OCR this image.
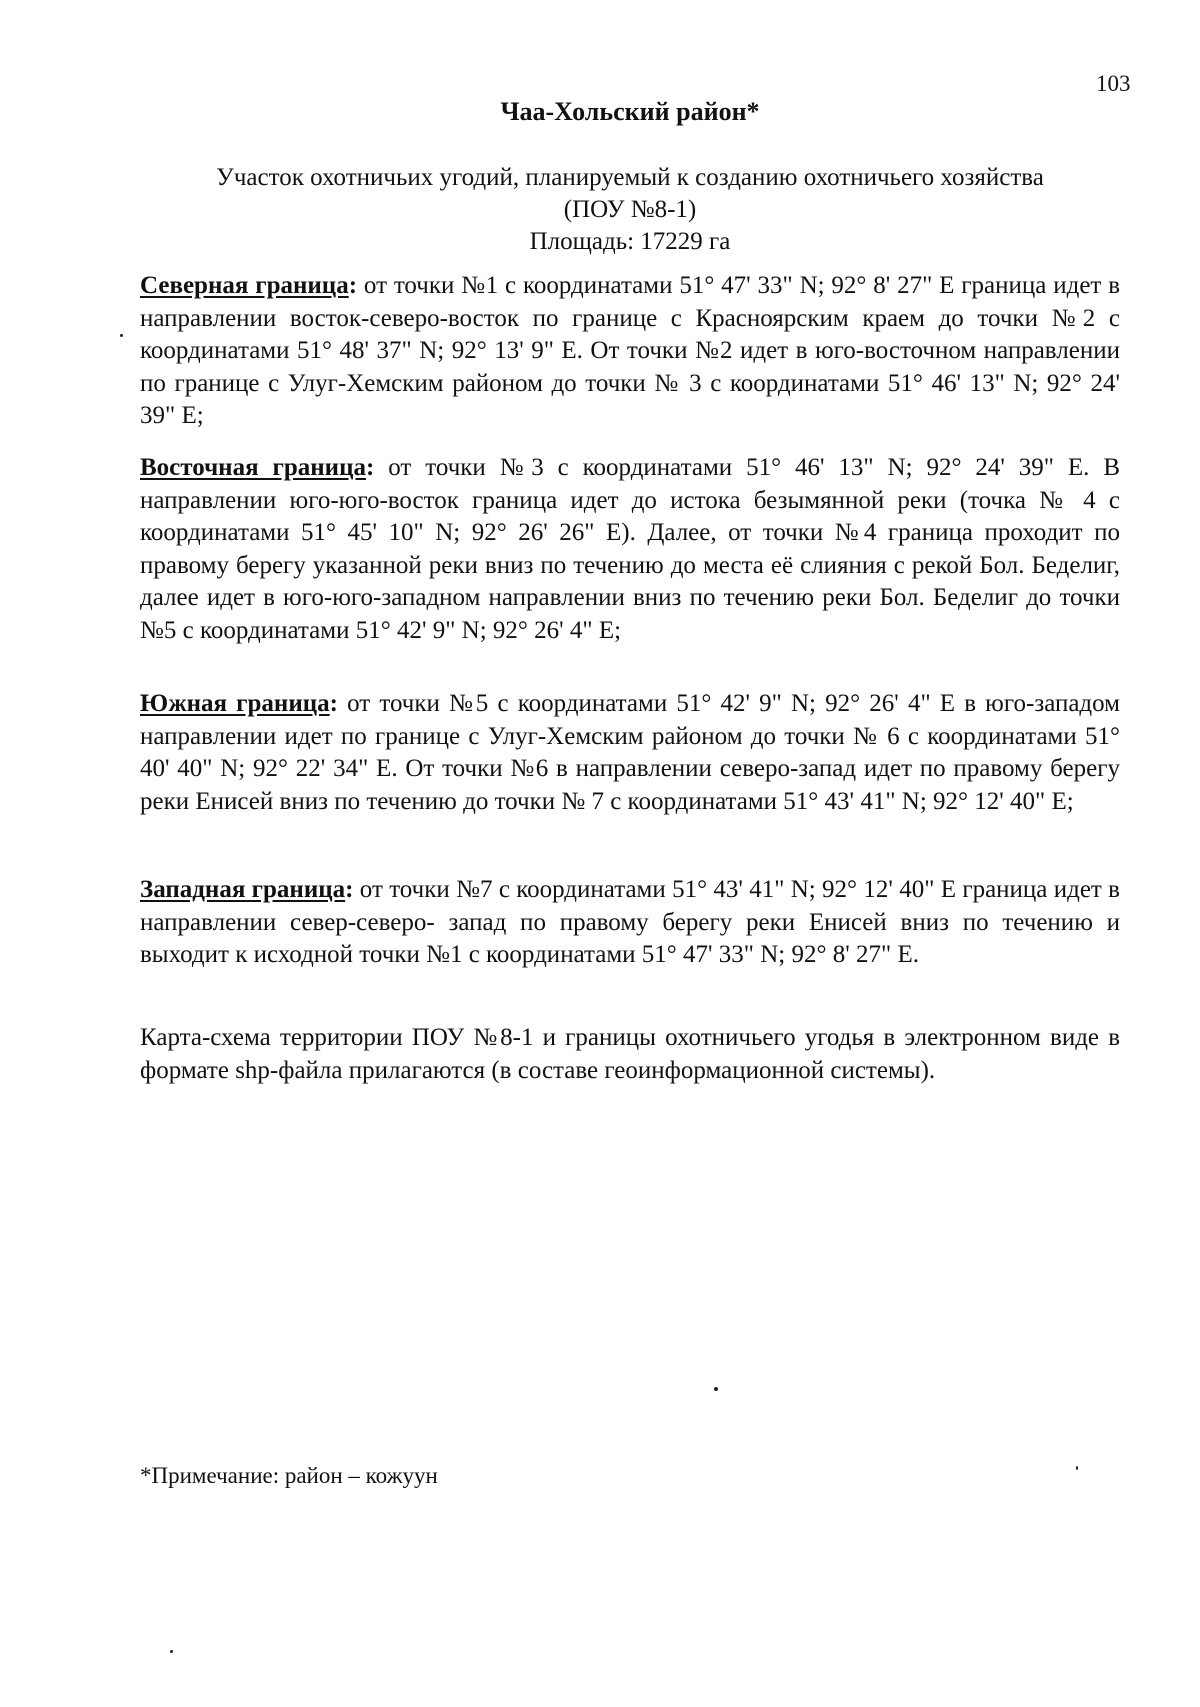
103
Чаа-Хольский район*
Участок охотничьих угодий, планируемый к созданию охотничьего хозяйства
(ПОУ №8-1)
Площадь: 17229 га
Северная граница: от точки №1 с координатами 51° 47' 33" N; 92° 8' 27" E граница идет в направлении восток-северо-восток по границе с Красноярским краем до точки №2 с координатами 51° 48' 37" N; 92° 13' 9" E. От точки №2 идет в юго-восточном направлении по границе с Улуг-Хемским районом до точки № 3 с координатами 51° 46' 13" N; 92° 24' 39" E;
Восточная граница: от точки №3 с координатами 51° 46' 13" N; 92° 24' 39" E. В направлении юго-юго-восток граница идет до истока безымянной реки (точка № 4 с координатами 51° 45' 10" N; 92° 26' 26" E). Далее, от точки №4 граница проходит по правому берегу указанной реки вниз по течению до места её слияния с рекой Бол. Беделиг, далее идет в юго-юго-западном направлении вниз по течению реки Бол. Беделиг до точки №5 с координатами 51° 42' 9" N; 92° 26' 4" E;
Южная граница: от точки №5 с координатами 51° 42' 9" N; 92° 26' 4" E в юго-западом направлении идет по границе с Улуг-Хемским районом до точки № 6 с координатами 51° 40' 40" N; 92° 22' 34" E. От точки №6 в направлении северо-запад идет по правому берегу реки Енисей вниз по течению до точки № 7 с координатами 51° 43' 41" N; 92° 12' 40" E;
Западная граница: от точки №7 с координатами 51° 43' 41" N; 92° 12' 40" E граница идет в направлении север-северо- запад по правому берегу реки Енисей вниз по течению и выходит к исходной точки №1 с координатами 51° 47' 33" N; 92° 8' 27" E.
Карта-схема территории ПОУ №8-1 и границы охотничьего угодья в электронном виде в формате shp-файла прилагаются (в составе геоинформационной системы).
*Примечание: район – кожуун
